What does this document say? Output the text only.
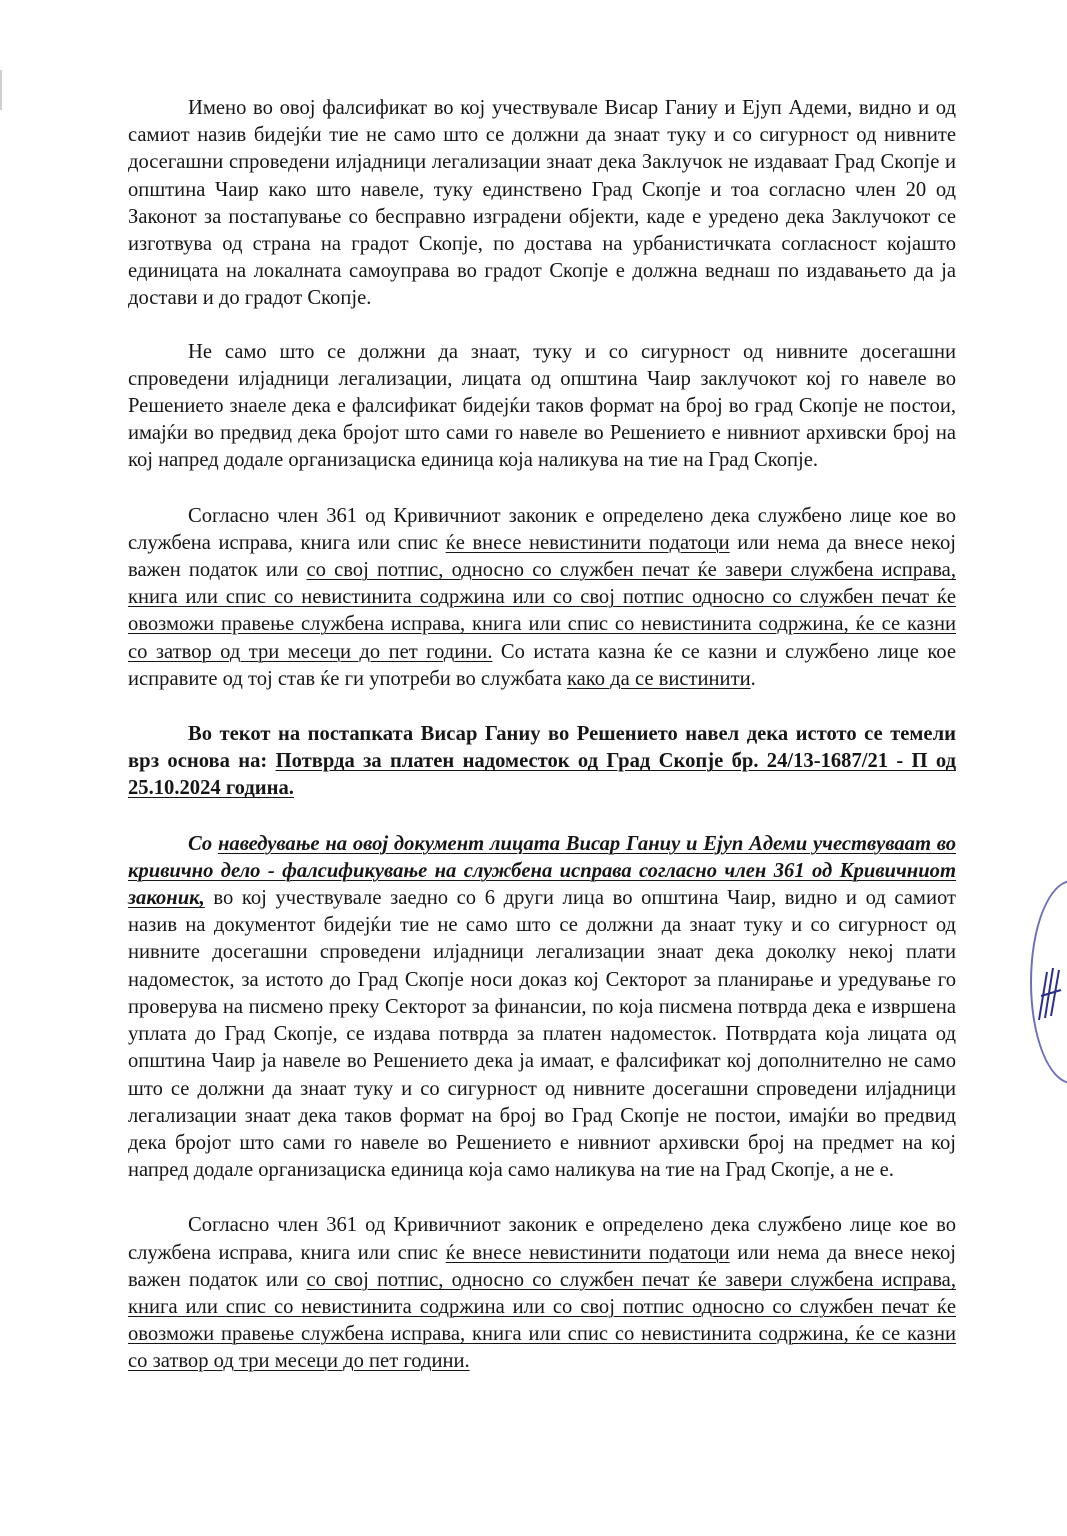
Имено во овој фалсификат во кој учествувале Висар Ганиу и Ејуп Адеми, видно и од самиот назив бидејќи тие не само што се должни да знаат туку и со сигурност од нивните досегашни спроведени илјадници легализации знаат дека Заклучок не издаваат Град Скопје и општина Чаир како што навеле, туку единствено Град Скопје и тоа согласно член 20 од Законот за постапување со бесправно изградени објекти, каде е уредено дека Заклучокот се изготвува од страна на градот Скопје, по достава на урбанистичката согласност којашто единицата на локалната самоуправа во градот Скопје е должна веднаш по издавањето да ја достави и до градот Скопје.

Не само што се должни да знаат, туку и со сигурност од нивните досегашни спроведени илјадници легализации, лицата од општина Чаир заклучокот кој го навеле во Решението знаеле дека е фалсификат бидејќи таков формат на број во град Скопје не постои, имајќи во предвид дека бројот што сами го навеле во Решението е нивниот архивски број на кој напред додале организациска единица која наликува на тие на Град Скопје.

Согласно член 361 од Кривичниот законик е определено дека службено лице кое во службена исправа, книга или спис ќе внесе невистинити податоци или нема да внесе некој важен податок или со свој потпис, односно со службен печат ќе завери службена исправа, книга или спис со невистинита содржина или со свој потпис односно со службен печат ќе овозможи правење службена исправа, книга или спис со невистинита содржина, ќе се казни со затвор од три месеци до пет години. Со истата казна ќе се казни и службено лице кое исправите од тој став ќе ги употреби во службата како да се вистинити.

Во текот на постапката Висар Ганиу во Решението навел дека истото се темели врз основа на: Потврда за платен надоместок од Град Скопје бр. 24/13-1687/21 - П од 25.10.2024 година.

Со наведување на овој документ лицата Висар Ганиу и Ејуп Адеми учествуваат во кривично дело - фалсификување на службена исправа согласно член 361 од Кривичниот законик, во кој учествувале заедно со 6 други лица во општина Чаир, видно и од самиот назив на документот бидејќи тие не само што се должни да знаат туку и со сигурност од нивните досегашни спроведени илјадници легализации знаат дека доколку некој плати надоместок, за истото до Град Скопје носи доказ кој Секторот за планирање и уредување го проверува на писмено преку Секторот за финансии, по која писмена потврда дека е извршена уплата до Град Скопје, се издава потврда за платен надоместок. Потврдата која лицата од општина Чаир ја навеле во Решението дека ја имаат, е фалсификат кој дополнително не само што се должни да знаат туку и со сигурност од нивните досегашни спроведени илјадници легализации знаат дека таков формат на број во Град Скопје не постои, имајќи во предвид дека бројот што сами го навеле во Решението е нивниот архивски број на предмет на кој напред додале организациска единица која само наликува на тие на Град Скопје, а не е.

Согласно член 361 од Кривичниот законик е определено дека службено лице кое во службена исправа, книга или спис ќе внесе невистинити податоци или нема да внесе некој важен податок или со свој потпис, односно со службен печат ќе завери службена исправа, книга или спис со невистинита содржина или со свој потпис односно со службен печат ќе овозможи правење службена исправа, книга или спис со невистинита содржина, ќе се казни со затвор од три месеци до пет години.
